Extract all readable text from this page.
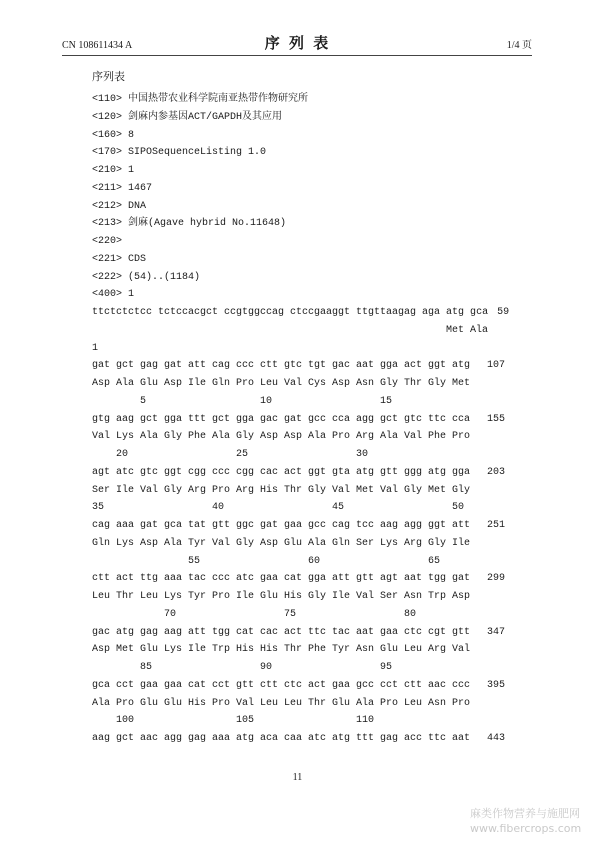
CN 108611434 A	序 列 表	1/4 页
序列表
<110> 中国热带农业科学院南亚热带作物研究所
<120> 剑麻内参基因ACT/GAPDH及其应用
<160> 8
<170> SIPOSequenceListing 1.0
<210> 1
<211> 1467
<212> DNA
<213> 剑麻(Agave hybrid No.11648)
<220>
<221> CDS
<222> (54)..(1184)
<400> 1
ttctctctcc tctccacgct ccgtggccag ctccgaaggt ttgttaagag aga atg gca 59
Met Ala
1
gat gct gag gat att cag ccc ctt gtc tgt gac aat gga act ggt atg	107
Asp Ala Glu Asp Ile Gln Pro Leu Val Cys Asp Asn Gly Thr Gly Met
5	10	15
gtg aag gct gga ttt gct gga gac gat gcc cca agg gct gtc ttc cca	155
Val Lys Ala Gly Phe Ala Gly Asp Asp Ala Pro Arg Ala Val Phe Pro
20	25	30
agt atc gtc ggt cgg ccc cgg cac act ggt gta atg gtt ggg atg gga	203
Ser Ile Val Gly Arg Pro Arg His Thr Gly Val Met Val Gly Met Gly
35	40	45	50
cag aaa gat gca tat gtt ggc gat gaa gcc cag tcc aag agg ggt att	251
Gln Lys Asp Ala Tyr Val Gly Asp Glu Ala Gln Ser Lys Arg Gly Ile
55	60	65
ctt act ttg aaa tac ccc atc gaa cat gga att gtt agt aat tgg gat	299
Leu Thr Leu Lys Tyr Pro Ile Glu His Gly Ile Val Ser Asn Trp Asp
70	75	80
gac atg gag aag att tgg cat cac act ttc tac aat gaa ctc cgt gtt	347
Asp Met Glu Lys Ile Trp His His Thr Phe Tyr Asn Glu Leu Arg Val
85	90	95
gca cct gaa gaa cat cct gtt ctt ctc act gaa gcc cct ctt aac ccc	395
Ala Pro Glu Glu His Pro Val Leu Leu Thr Glu Ala Pro Leu Asn Pro
100	105	110
aag gct aac agg gag aaa atg aca caa atc atg ttt gag acc ttc aat	443
11
麻类作物营养与施肥网
www.fibercrops.com
